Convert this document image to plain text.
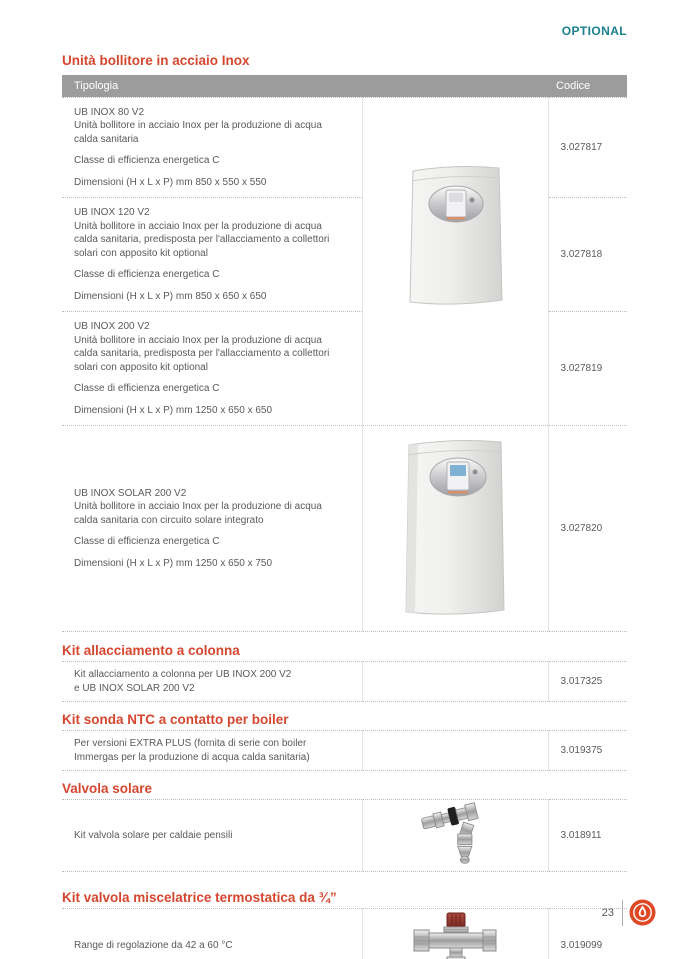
OPTIONAL
Unità bollitore in acciaio Inox
Tipologia		Codice

UB INOX 80 V2
Unità bollitore in acciaio Inox per la produzione di acqua calda sanitaria
Classe di efficienza energetica C
Dimensioni (H x L x P) mm 850 x 550 x 550		3.027817

UB INOX 120 V2
Unità bollitore in acciaio Inox per la produzione di acqua calda sanitaria, predisposta per l'allacciamento a collettori solari con apposito kit optional
Classe di efficienza energetica C
Dimensioni (H x L x P) mm 850 x 650 x 650		3.027818

UB INOX 200 V2
Unità bollitore in acciaio Inox per la produzione di acqua calda sanitaria, predisposta per l'allacciamento a collettori solari con apposito kit optional
Classe di efficienza energetica C
Dimensioni (H x L x P) mm 1250 x 650 x 650		3.027819

UB INOX SOLAR 200 V2
Unità bollitore in acciaio Inox per la produzione di acqua calda sanitaria con circuito solare integrato
Classe di efficienza energetica C
Dimensioni (H x L x P) mm 1250 x 650 x 750		3.027820
Kit allacciamento a colonna
Kit allacciamento a colonna per UB INOX 200 V2
e UB INOX SOLAR 200 V2
		3.017325
Kit sonda NTC a contatto per boiler
Per versioni EXTRA PLUS (fornita di serie con boiler Immergas per la produzione di acqua calda sanitaria)
		3.019375
Valvola solare
Kit valvola solare per caldaie pensili		3.018911
Kit valvola miscelatrice termostatica da ¾”
Range di regolazione da 42 a 60 °C		3.019099
23
